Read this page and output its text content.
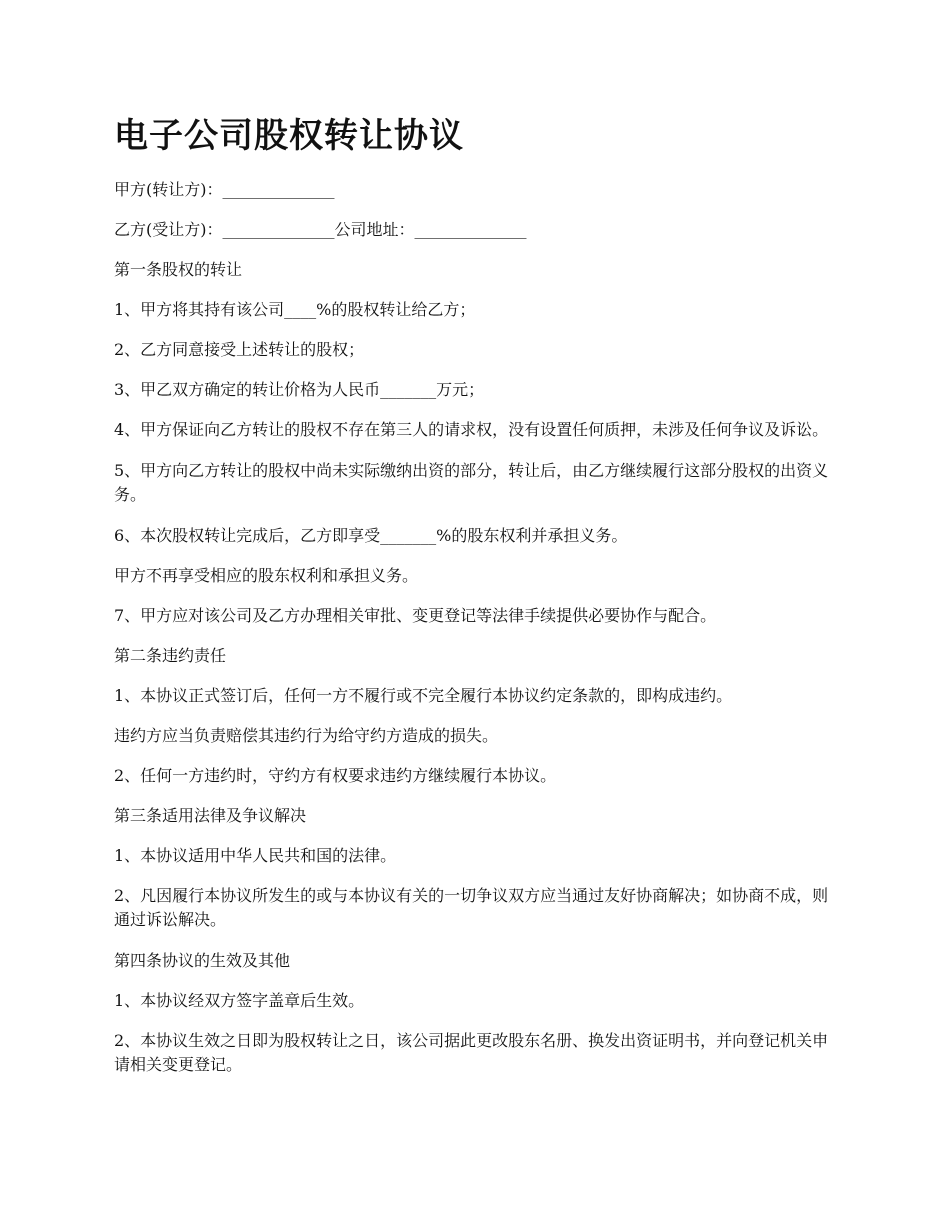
电子公司股权转让协议

甲方(转让方)：______________

乙方(受让方)：______________公司地址：______________

第一条股权的转让

1、甲方将其持有该公司____%的股权转让给乙方；

2、乙方同意接受上述转让的股权；

3、甲乙双方确定的转让价格为人民币_______万元；

4、甲方保证向乙方转让的股权不存在第三人的请求权，没有设置任何质押，未涉及任何争议及诉讼。

5、甲方向乙方转让的股权中尚未实际缴纳出资的部分，转让后，由乙方继续履行这部分股权的出资义务。

6、本次股权转让完成后，乙方即享受_______%的股东权利并承担义务。

甲方不再享受相应的股东权利和承担义务。

7、甲方应对该公司及乙方办理相关审批、变更登记等法律手续提供必要协作与配合。

第二条违约责任

1、本协议正式签订后，任何一方不履行或不完全履行本协议约定条款的，即构成违约。

违约方应当负责赔偿其违约行为给守约方造成的损失。

2、任何一方违约时，守约方有权要求违约方继续履行本协议。

第三条适用法律及争议解决

1、本协议适用中华人民共和国的法律。

2、凡因履行本协议所发生的或与本协议有关的一切争议双方应当通过友好协商解决；如协商不成，则通过诉讼解决。

第四条协议的生效及其他

1、本协议经双方签字盖章后生效。

2、本协议生效之日即为股权转让之日，该公司据此更改股东名册、换发出资证明书，并向登记机关申请相关变更登记。
